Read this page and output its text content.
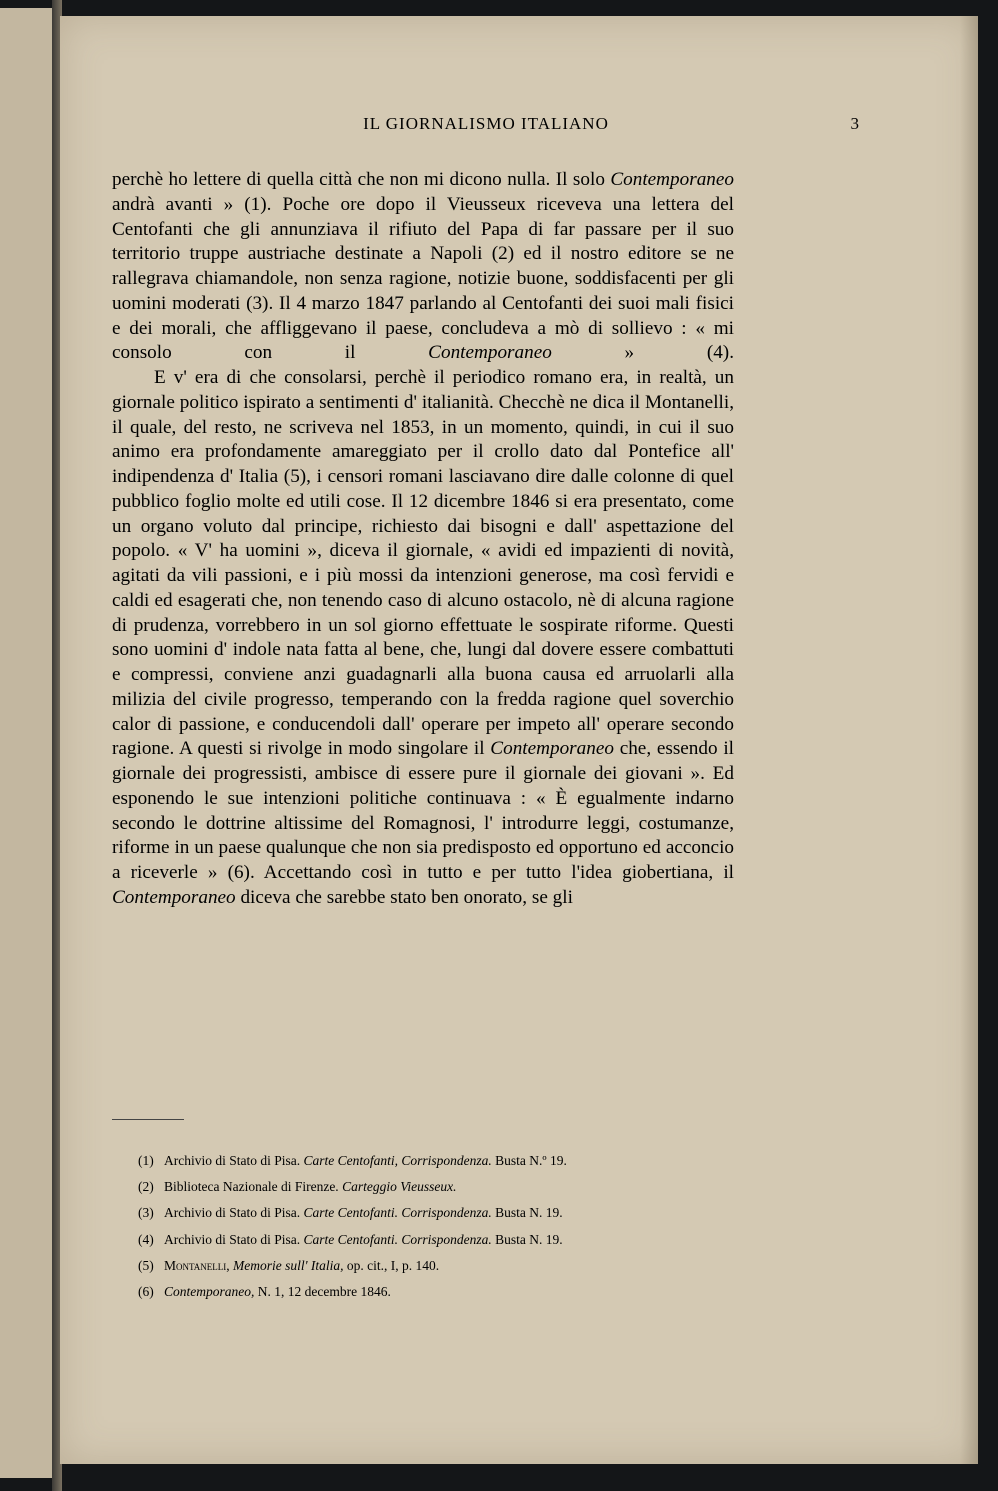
IL GIORNALISMO ITALIANO	3

perchè ho lettere di quella città che non mi dicono nulla. Il solo Contemporaneo andrà avanti » (1). Poche ore dopo il Vieusseux riceveva una lettera del Centofanti che gli annunziava il rifiuto del Papa di far passare per il suo territorio truppe austriache destinate a Napoli (2) ed il nostro editore se ne rallegrava chiamandole, non senza ragione, notizie buone, soddisfacenti per gli uomini moderati (3). Il 4 marzo 1847 parlando al Centofanti dei suoi mali fisici e dei morali, che affliggevano il paese, concludeva a mò di sollievo : « mi consolo con il Contemporaneo » (4).

E v' era di che consolarsi, perchè il periodico romano era, in realtà, un giornale politico ispirato a sentimenti d' italianità. Checchè ne dica il Montanelli, il quale, del resto, ne scriveva nel 1853, in un momento, quindi, in cui il suo animo era profondamente amareggiato per il crollo dato dal Pontefice all' indipendenza d' Italia (5), i censori romani lasciavano dire dalle colonne di quel pubblico foglio molte ed utili cose. Il 12 dicembre 1846 si era presentato, come un organo voluto dal principe, richiesto dai bisogni e dall' aspettazione del popolo. « V' ha uomini », diceva il giornale, « avidi ed impazienti di novità, agitati da vili passioni, e i più mossi da intenzioni generose, ma così fervidi e caldi ed esagerati che, non tenendo caso di alcuno ostacolo, nè di alcuna ragione di prudenza, vorrebbero in un sol giorno effettuate le sospirate riforme. Questi sono uomini d' indole nata fatta al bene, che, lungi dal dovere essere combattuti e compressi, conviene anzi guadagnarli alla buona causa ed arruolarli alla milizia del civile progresso, temperando con la fredda ragione quel soverchio calor di passione, e conducendoli dall' operare per impeto all' operare secondo ragione. A questi si rivolge in modo singolare il Contemporaneo che, essendo il giornale dei progressisti, ambisce di essere pure il giornale dei giovani ». Ed esponendo le sue intenzioni politiche continuava : « È egualmente indarno secondo le dottrine altissime del Romagnosi, l' introdurre leggi, costumanze, riforme in un paese qualunque che non sia predisposto ed opportuno ed acconcio a riceverle » (6). Accettando così in tutto e per tutto l'idea giobertiana, il Contemporaneo diceva che sarebbe stato ben onorato, se gli

(1) Archivio di Stato di Pisa. Carte Centofanti, Corrispondenza. Busta N.º 19.
(2) Biblioteca Nazionale di Firenze. Carteggio Vieusseux.
(3) Archivio di Stato di Pisa. Carte Centofanti. Corrispondenza. Busta N. 19.
(4) Archivio di Stato di Pisa. Carte Centofanti. Corrispondenza. Busta N. 19.
(5) Montanelli, Memorie sull' Italia, op. cit., I, p. 140.
(6) Contemporaneo, N. 1, 12 decembre 1846.
